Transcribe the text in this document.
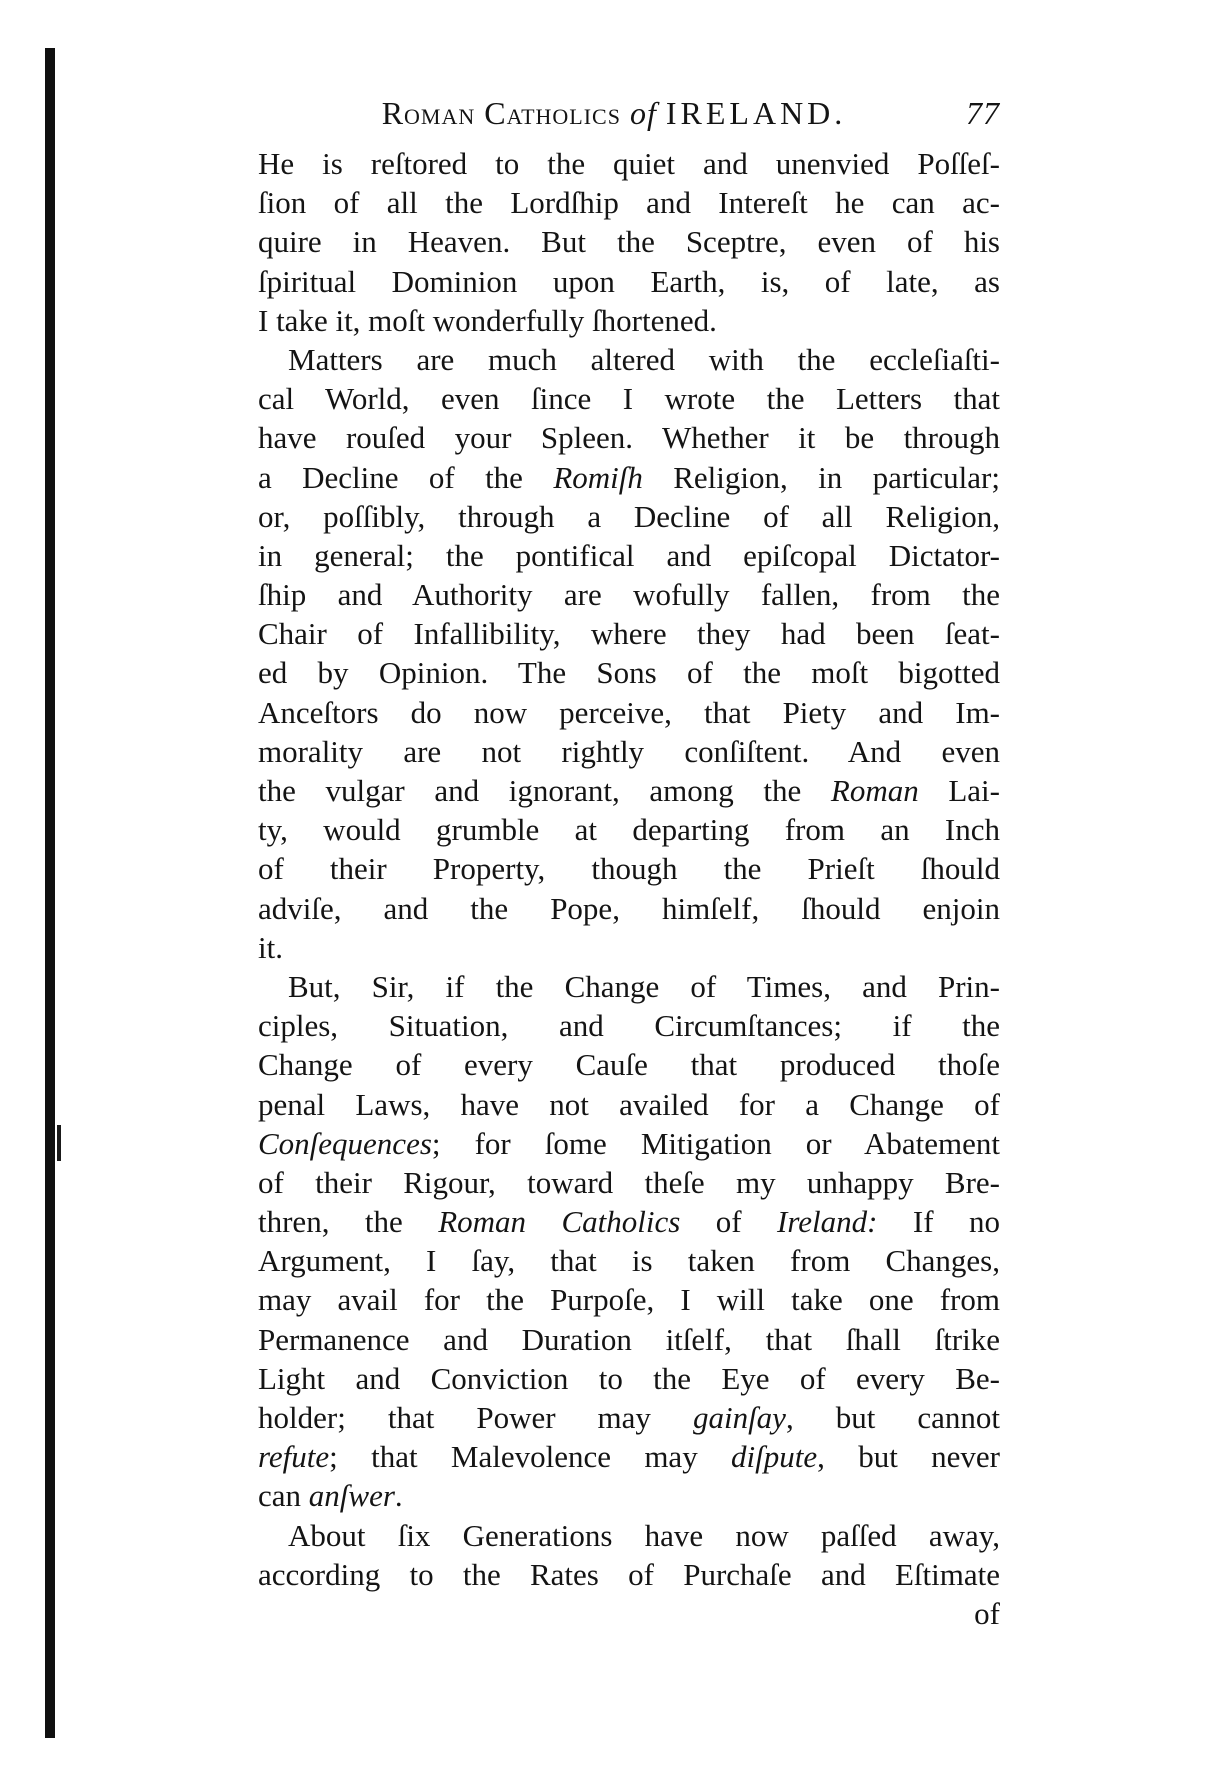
Roman Catholics of IRELAND.	77
He is reſtored to the quiet and unenvied Poſſeſ-
ſion of all the Lordſhip and Intereſt he can ac-
quire in Heaven. But the Sceptre, even of his
ſpiritual Dominion upon Earth, is, of late, as
I take it, moſt wonderfully ſhortened.
Matters are much altered with the eccleſiaſti-
cal World, even ſince I wrote the Letters that
have rouſed your Spleen. Whether it be through
a Decline of the Romiſh Religion, in particular;
or, poſſibly, through a Decline of all Religion,
in general; the pontifical and epiſcopal Dictator-
ſhip and Authority are wofully fallen, from the
Chair of Infallibility, where they had been ſeat-
ed by Opinion. The Sons of the moſt bigotted
Anceſtors do now perceive, that Piety and Im-
morality are not rightly conſiſtent. And even
the vulgar and ignorant, among the Roman Lai-
ty, would grumble at departing from an Inch
of their Property, though the Prieſt ſhould
adviſe, and the Pope, himſelf, ſhould enjoin
it.
But, Sir, if the Change of Times, and Prin-
ciples, Situation, and Circumſtances; if the
Change of every Cauſe that produced thoſe
penal Laws, have not availed for a Change of
Conſequences; for ſome Mitigation or Abatement
of their Rigour, toward theſe my unhappy Bre-
thren, the Roman Catholics of Ireland: If no
Argument, I ſay, that is taken from Changes,
may avail for the Purpoſe, I will take one from
Permanence and Duration itſelf, that ſhall ſtrike
Light and Conviction to the Eye of every Be-
holder; that Power may gainſay, but cannot
refute; that Malevolence may diſpute, but never
can anſwer.
About ſix Generations have now paſſed away,
according to the Rates of Purchaſe and Eſtimate
of
